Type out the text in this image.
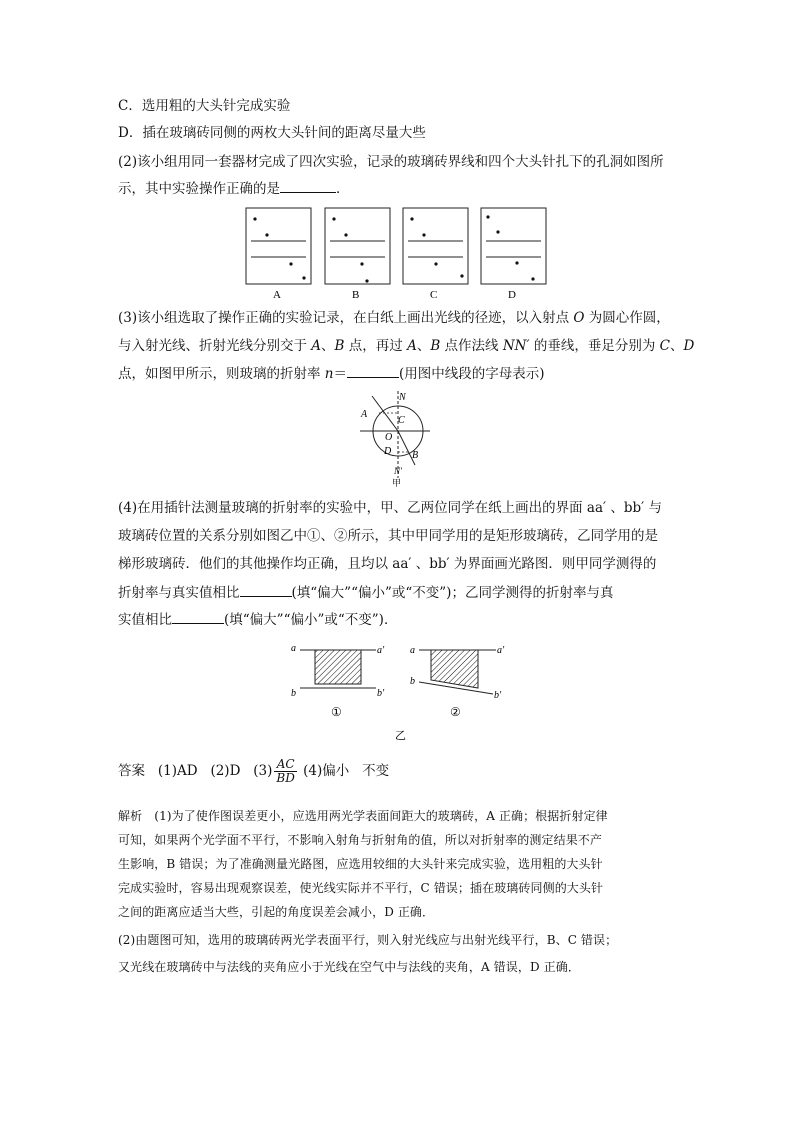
C．选用粗的大头针完成实验
D．插在玻璃砖同侧的两枚大头针间的距离尽量大些
(2)该小组用同一套器材完成了四次实验，记录的玻璃砖界线和四个大头针扎下的孔洞如图所
示，其中实验操作正确的是	．
A	B	C	D
(3)该小组选取了操作正确的实验记录，在白纸上画出光线的径迹，以入射点 O 为圆心作圆，
与入射光线、折射光线分别交于 A、B 点，再过 A、B 点作法线 NN′ 的垂线，垂足分别为 C、D
点，如图甲所示，则玻璃的折射率 n＝	(用图中线段的字母表示)
N
A
C
O
D B
N′
甲
(4)在用插针法测量玻璃的折射率的实验中，甲、乙两位同学在纸上画出的界面 aa′ 、bb′ 与
玻璃砖位置的关系分别如图乙中①、②所示，其中甲同学用的是矩形玻璃砖，乙同学用的是
梯形玻璃砖．他们的其他操作均正确，且均以 aa′ 、bb′ 为界面画光路图．则甲同学测得的
折射率与真实值相比	(填“偏大”“偏小”或“不变”)；乙同学测得的折射率与真
实值相比	(填“偏大”“偏小”或“不变”)．
a	a′
b	b′
①
a	a′
b
b′
②
乙
答案 (1)AD (2)D $(3) \frac{AC}{BD} (4)$偏小 不变
解析　(1)为了使作图误差更小，应选用两光学表面间距大的玻璃砖，A 正确；根据折射定律
可知，如果两个光学面不平行，不影响入射角与折射角的值，所以对折射率的测定结果不产
生影响，B 错误；为了准确测量光路图，应选用较细的大头针来完成实验，选用粗的大头针
完成实验时，容易出现观察误差，使光线实际并不平行，C 错误；插在玻璃砖同侧的大头针
之间的距离应适当大些，引起的角度误差会减小，D 正确．
(2)由题图可知，选用的玻璃砖两光学表面平行，则入射光线应与出射光线平行，B、C 错误；
又光线在玻璃砖中与法线的夹角应小于光线在空气中与法线的夹角，A 错误，D 正确．
